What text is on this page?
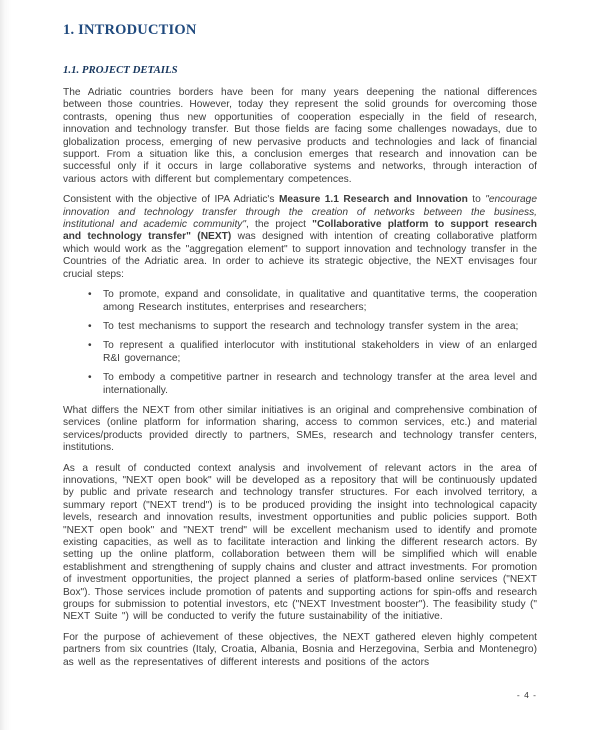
1. INTRODUCTION
1.1. PROJECT DETAILS

The Adriatic countries borders have been for many years deepening the national differences between those countries. However, today they represent the solid grounds for overcoming those contrasts, opening thus new opportunities of cooperation especially in the field of research, innovation and technology transfer. But those fields are facing some challenges nowadays, due to globalization process, emerging of new pervasive products and technologies and lack of financial support. From a situation like this, a conclusion emerges that research and innovation can be successful only if it occurs in large collaborative systems and networks, through interaction of various actors with different but complementary competences.

Consistent with the objective of IPA Adriatic's Measure 1.1 Research and Innovation to "encourage innovation and technology transfer through the creation of networks between the business, institutional and academic community", the project "Collaborative platform to support research and technology transfer" (NEXT) was designed with intention of creating collaborative platform which would work as the "aggregation element" to support innovation and technology transfer in the Countries of the Adriatic area. In order to achieve its strategic objective, the NEXT envisages four crucial steps:

• To promote, expand and consolidate, in qualitative and quantitative terms, the cooperation among Research institutes, enterprises and researchers;
• To test mechanisms to support the research and technology transfer system in the area;
• To represent a qualified interlocutor with institutional stakeholders in view of an enlarged R&I governance;
• To embody a competitive partner in research and technology transfer at the area level and internationally.

What differs the NEXT from other similar initiatives is an original and comprehensive combination of services (online platform for information sharing, access to common services, etc.) and material services/products provided directly to partners, SMEs, research and technology transfer centers, institutions.

As a result of conducted context analysis and involvement of relevant actors in the area of innovations, "NEXT open book" will be developed as a repository that will be continuously updated by public and private research and technology transfer structures. For each involved territory, a summary report ("NEXT trend") is to be produced providing the insight into technological capacity levels, research and innovation results, investment opportunities and public policies support. Both "NEXT open book" and "NEXT trend" will be excellent mechanism used to identify and promote existing capacities, as well as to facilitate interaction and linking the different research actors. By setting up the online platform, collaboration between them will be simplified which will enable establishment and strengthening of supply chains and cluster and attract investments. For promotion of investment opportunities, the project planned a series of platform-based online services ("NEXT Box"). Those services include promotion of patents and supporting actions for spin-offs and research groups for submission to potential investors, etc ("NEXT Investment booster"). The feasibility study (" NEXT Suite ") will be conducted to verify the future sustainability of the initiative.

For the purpose of achievement of these objectives, the NEXT gathered eleven highly competent partners from six countries (Italy, Croatia, Albania, Bosnia and Herzegovina, Serbia and Montenegro) as well as the representatives of different interests and positions of the actors

- 4 -
